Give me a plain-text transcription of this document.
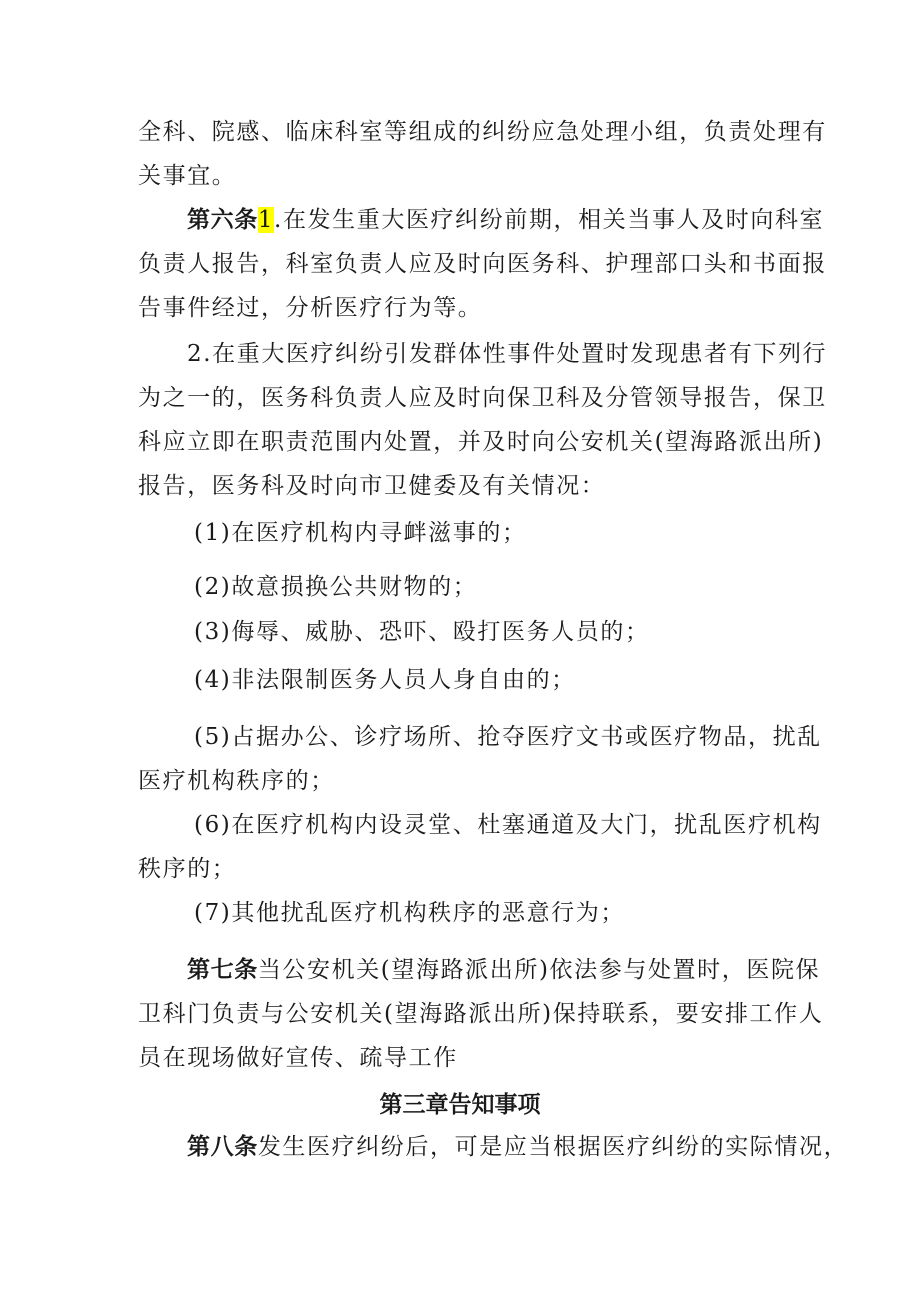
全科、院感、临床科室等组成的纠纷应急处理小组，负责处理有
关事宜。
第六条1.在发生重大医疗纠纷前期，相关当事人及时向科室
负责人报告，科室负责人应及时向医务科、护理部口头和书面报
告事件经过，分析医疗行为等。
2.在重大医疗纠纷引发群体性事件处置时发现患者有下列行
为之一的，医务科负责人应及时向保卫科及分管领导报告，保卫
科应立即在职责范围内处置，并及时向公安机关(望海路派出所)
报告，医务科及时向市卫健委及有关情况：
(1)在医疗机构内寻衅滋事的；
(2)故意损换公共财物的；
(3)侮辱、威胁、恐吓、殴打医务人员的；
(4)非法限制医务人员人身自由的；
(5)占据办公、诊疗场所、抢夺医疗文书或医疗物品，扰乱
医疗机构秩序的；
(6)在医疗机构内设灵堂、杜塞通道及大门，扰乱医疗机构
秩序的；
(7)其他扰乱医疗机构秩序的恶意行为；
第七条当公安机关(望海路派出所)依法参与处置时，医院保
卫科门负责与公安机关(望海路派出所)保持联系，要安排工作人
员在现场做好宣传、疏导工作
第三章告知事项
第八条发生医疗纠纷后，可是应当根据医疗纠纷的实际情况，
